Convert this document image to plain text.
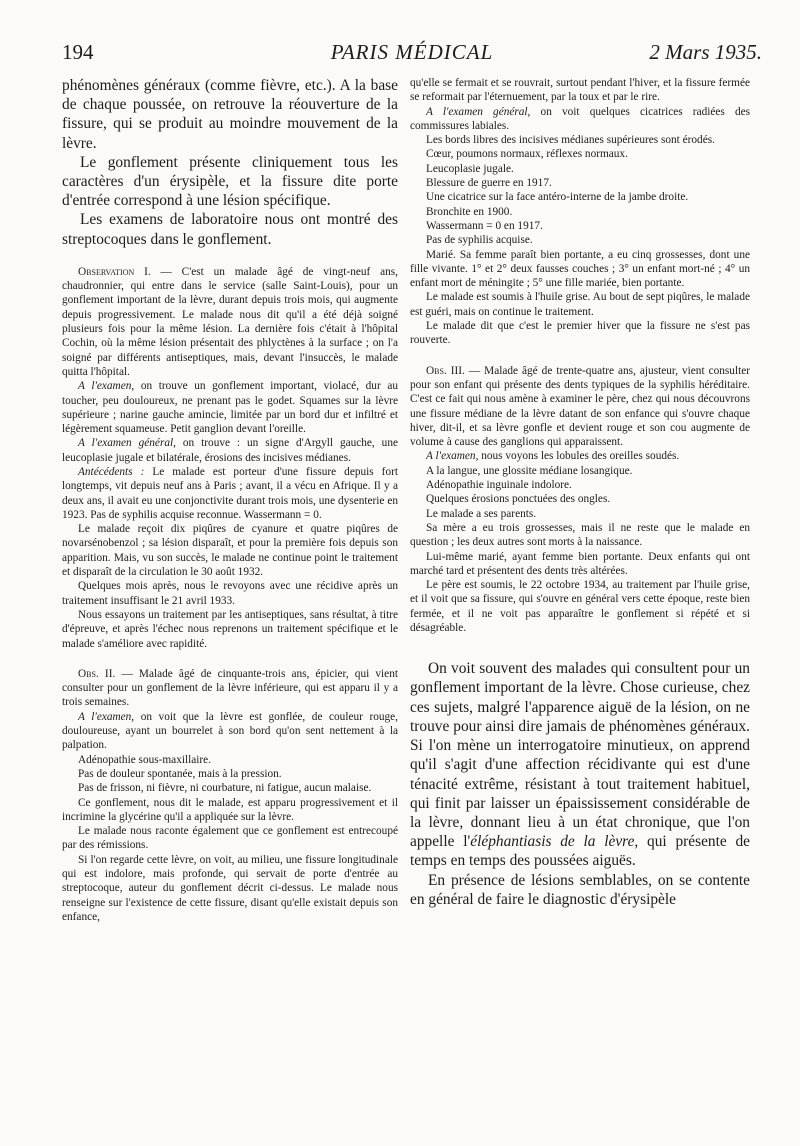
194	PARIS MÉDICAL	2 Mars 1935.

phénomènes généraux (comme fièvre, etc.). A la base de chaque poussée, on retrouve la réouverture de la fissure, qui se produit au moindre mouvement de la lèvre.

Le gonflement présente cliniquement tous les caractères d'un érysipèle, et la fissure dite porte d'entrée correspond à une lésion spécifique.

Les examens de laboratoire nous ont montré des streptocoques dans le gonflement.

Observation I. — C'est un malade âgé de vingt-neuf ans, chaudronnier, qui entre dans le service (salle Saint-Louis), pour un gonflement important de la lèvre, durant depuis trois mois, qui augmente depuis progressivement. Le malade nous dit qu'il a été déjà soigné plusieurs fois pour la même lésion. La dernière fois c'était à l'hôpital Cochin, où la même lésion présentait des phlyctènes à la surface ; on l'a soigné par différents antiseptiques, mais, devant l'insuccès, le malade quitta l'hôpital.

A l'examen, on trouve un gonflement important, violacé, dur au toucher, peu douloureux, ne prenant pas le godet. Squames sur la lèvre supérieure ; narine gauche amincie, limitée par un bord dur et infiltré et légèrement squameuse. Petit ganglion devant l'oreille.

A l'examen général, on trouve : un signe d'Argyll gauche, une leucoplasie jugale et bilatérale, érosions des incisives médianes.

Antécédents : Le malade est porteur d'une fissure depuis fort longtemps, vit depuis neuf ans à Paris ; avant, il a vécu en Afrique. Il y a deux ans, il avait eu une conjonctivite durant trois mois, une dysenterie en 1923. Pas de syphilis acquise reconnue. Wassermann = 0.

Le malade reçoit dix piqûres de cyanure et quatre piqûres de novarsénobenzol ; sa lésion disparaît, et pour la première fois depuis son apparition. Mais, vu son succès, le malade ne continue point le traitement et disparaît de la circulation le 30 août 1932.

Quelques mois après, nous le revoyons avec une récidive après un traitement insuffisant le 21 avril 1933.

Nous essayons un traitement par les antiseptiques, sans résultat, à titre d'épreuve, et après l'échec nous reprenons un traitement spécifique et le malade s'améliore avec rapidité.

Obs. II. — Malade âgé de cinquante-trois ans, épicier, qui vient consulter pour un gonflement de la lèvre inférieure, qui est apparu il y a trois semaines.

A l'examen, on voit que la lèvre est gonflée, de couleur rouge, douloureuse, ayant un bourrelet à son bord qu'on sent nettement à la palpation.

Adénopathie sous-maxillaire.

Pas de douleur spontanée, mais à la pression.

Pas de frisson, ni fièvre, ni courbature, ni fatigue, aucun malaise.

Ce gonflement, nous dit le malade, est apparu progressivement et il incrimine la glycérine qu'il a appliquée sur la lèvre.

Le malade nous raconte également que ce gonflement est entrecoupé par des rémissions.

Si l'on regarde cette lèvre, on voit, au milieu, une fissure longitudinale qui est indolore, mais profonde, qui servait de porte d'entrée au streptocoque, auteur du gonflement décrit ci-dessus. Le malade nous renseigne sur l'existence de cette fissure, disant qu'elle existait depuis son enfance,

qu'elle se fermait et se rouvrait, surtout pendant l'hiver, et la fissure fermée se reformait par l'éternuement, par la toux et par le rire.

A l'examen général, on voit quelques cicatrices radiées des commissures labiales.

Les bords libres des incisives médianes supérieures sont érodés.

Cœur, poumons normaux, réflexes normaux.

Leucoplasie jugale.

Blessure de guerre en 1917.

Une cicatrice sur la face antéro-interne de la jambe droite.

Bronchite en 1900.

Wassermann = 0 en 1917.

Pas de syphilis acquise.

Marié. Sa femme paraît bien portante, a eu cinq grossesses, dont une fille vivante. 1° et 2° deux fausses couches ; 3° un enfant mort-né ; 4° un enfant mort de méningite ; 5° une fille mariée, bien portante.

Le malade est soumis à l'huile grise. Au bout de sept piqûres, le malade est guéri, mais on continue le traitement.

Le malade dit que c'est le premier hiver que la fissure ne s'est pas rouverte.

Obs. III. — Malade âgé de trente-quatre ans, ajusteur, vient consulter pour son enfant qui présente des dents typiques de la syphilis héréditaire. C'est ce fait qui nous amène à examiner le père, chez qui nous découvrons une fissure médiane de la lèvre datant de son enfance qui s'ouvre chaque hiver, dit-il, et sa lèvre gonfle et devient rouge et son cou augmente de volume à cause des ganglions qui apparaissent.

A l'examen, nous voyons les lobules des oreilles soudés.

A la langue, une glossite médiane losangique.

Adénopathie inguinale indolore.

Quelques érosions ponctuées des ongles.

Le malade a ses parents.

Sa mère a eu trois grossesses, mais il ne reste que le malade en question ; les deux autres sont morts à la naissance.

Lui-même marié, ayant femme bien portante. Deux enfants qui ont marché tard et présentent des dents très altérées.

Le père est soumis, le 22 octobre 1934, au traitement par l'huile grise, et il voit que sa fissure, qui s'ouvre en général vers cette époque, reste bien fermée, et il ne voit pas apparaître le gonflement si répété et si désagréable.

On voit souvent des malades qui consultent pour un gonflement important de la lèvre. Chose curieuse, chez ces sujets, malgré l'apparence aiguë de la lésion, on ne trouve pour ainsi dire jamais de phénomènes généraux. Si l'on mène un interrogatoire minutieux, on apprend qu'il s'agit d'une affection récidivante qui est d'une ténacité extrême, résistant à tout traitement habituel, qui finit par laisser un épaississement considérable de la lèvre, donnant lieu à un état chronique, que l'on appelle l'éléphantiasis de la lèvre, qui présente de temps en temps des poussées aiguës.

En présence de lésions semblables, on se contente en général de faire le diagnostic d'érysipèle
